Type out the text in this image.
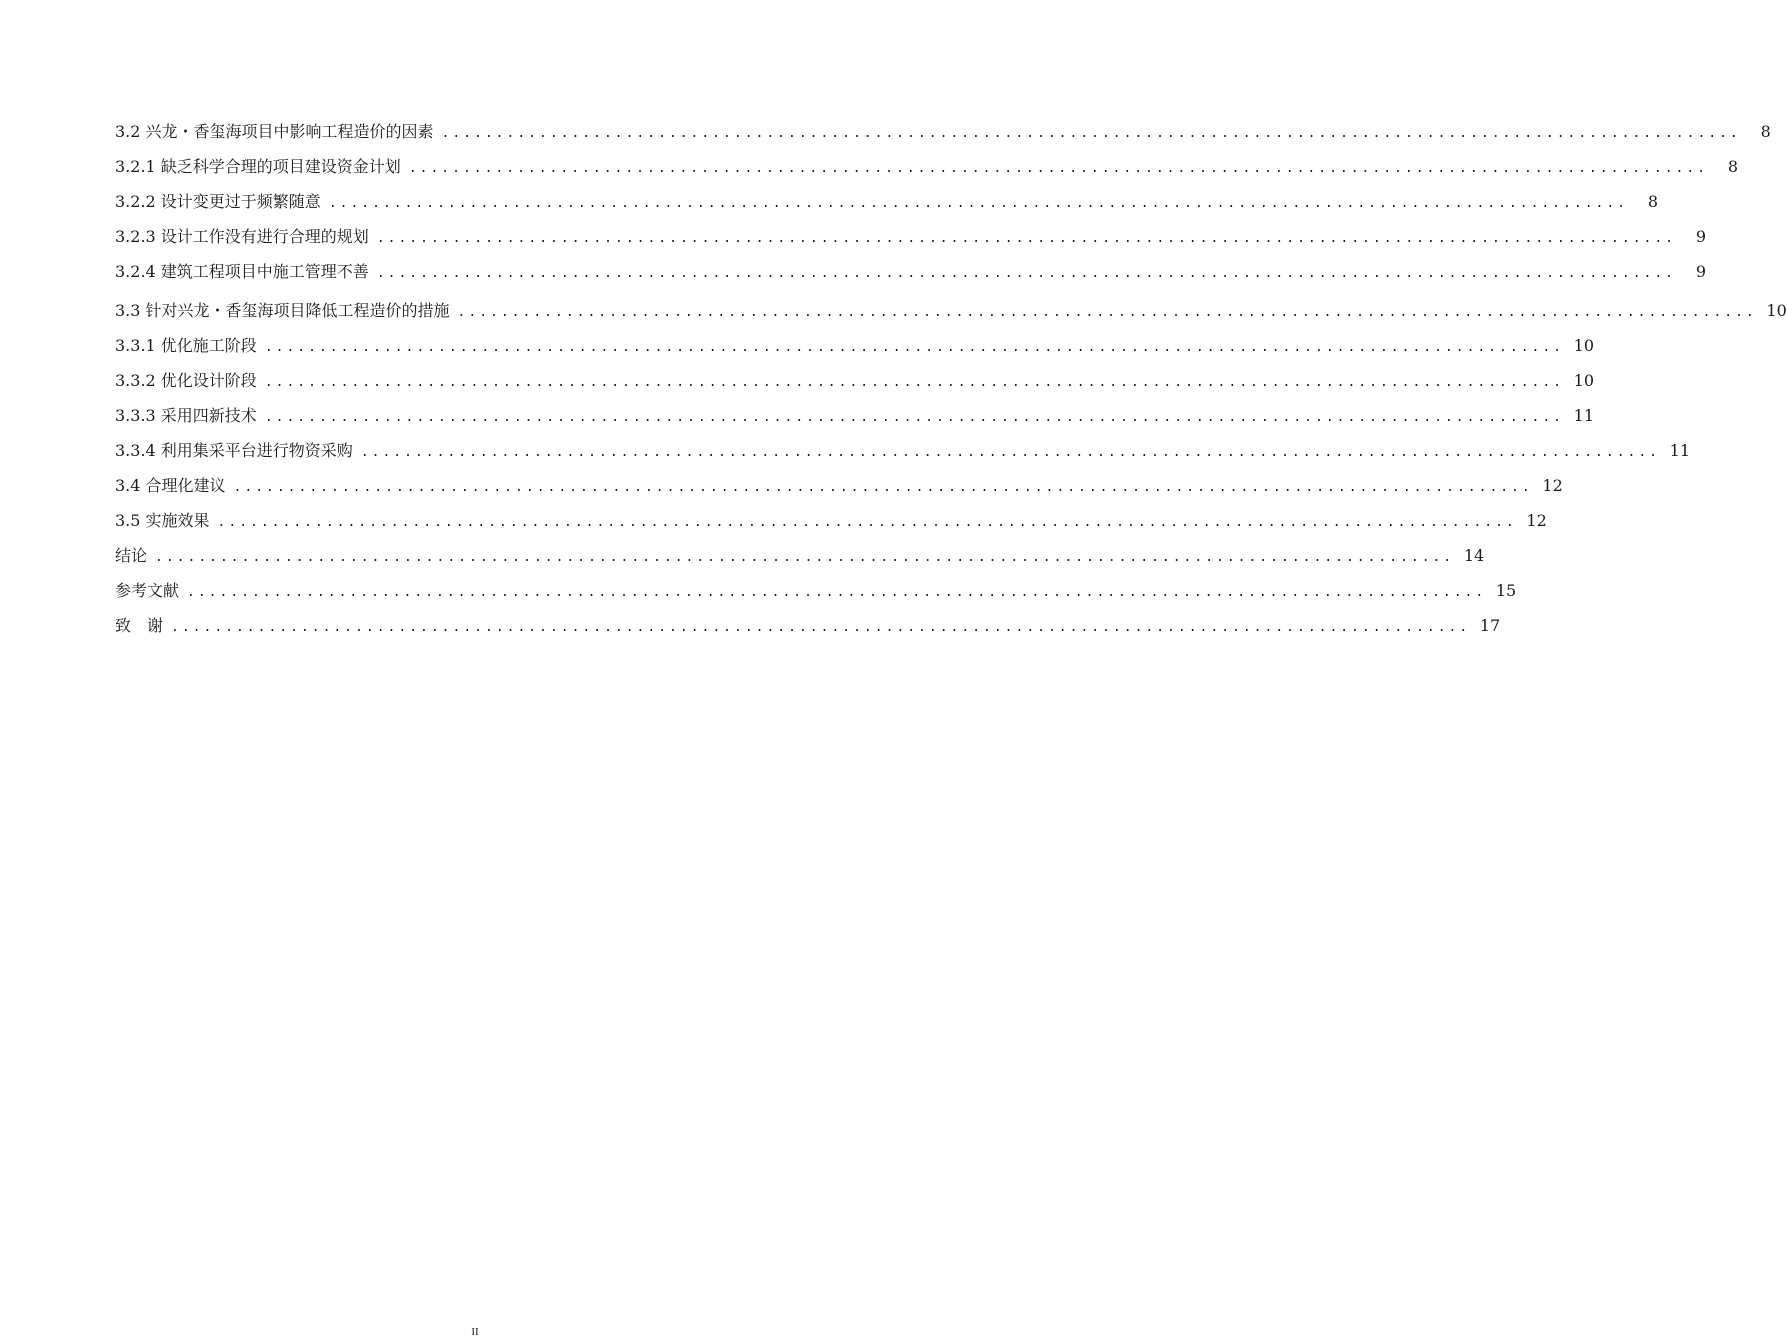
3.2 兴龙・香玺海项目中影响工程造价的因素 ........................................................................................................................	8
3.2.1 缺乏科学合理的项目建设资金计划 ........................................................................................................................	8
3.2.2 设计变更过于频繁随意 ........................................................................................................................	8
3.2.3 设计工作没有进行合理的规划 ........................................................................................................................	9
3.2.4 建筑工程项目中施工管理不善 ........................................................................................................................	9
3.3 针对兴龙・香玺海项目降低工程造价的措施 ........................................................................................................................ 10
3.3.1 优化施工阶段 ........................................................................................................................ 10
3.3.2 优化设计阶段 ........................................................................................................................ 10
3.3.3 采用四新技术 ........................................................................................................................ 11
3.3.4 利用集采平台进行物资采购 ........................................................................................................................ 11
3.4 合理化建议 ........................................................................................................................ 12
3.5 实施效果 ........................................................................................................................ 12
结论 ........................................................................................................................ 14
参考文献 ........................................................................................................................ 15
致　谢 ........................................................................................................................ 17
II
